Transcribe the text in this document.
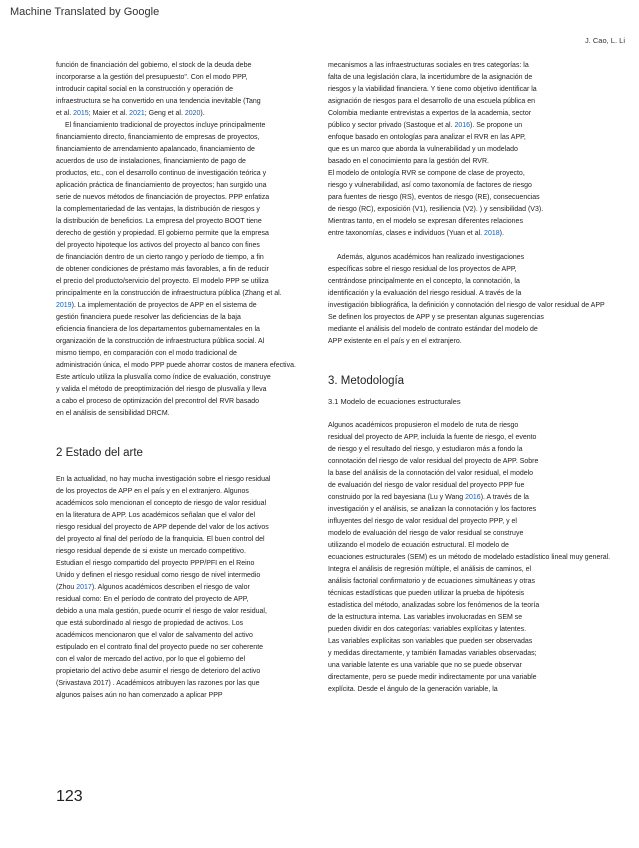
Machine Translated by Google
J. Cao, L. Li
función de financiación del gobierno, el stock de la deuda debe
incorporarse a la gestión del presupuesto". Con el modo PPP,
introducir capital social en la construcción y operación de
infraestructura se ha convertido en una tendencia inevitable (Tang
et al. 2015; Maier et al. 2021; Geng et al. 2020).
El financiamiento tradicional de proyectos incluye principalmente
financiamiento directo, financiamiento de empresas de proyectos,
financiamiento de arrendamiento apalancado, financiamiento de
acuerdos de uso de instalaciones, financiamiento de pago de
productos, etc., con el desarrollo continuo de investigación teórica y
aplicación práctica de financiamiento de proyectos; han surgido una
serie de nuevos métodos de financiación de proyectos. PPP enfatiza
la complementariedad de las ventajas, la distribución de riesgos y
la distribución de beneficios. La empresa del proyecto BOOT tiene
derecho de gestión y propiedad. El gobierno permite que la empresa
del proyecto hipoteque los activos del proyecto al banco con fines
de financiación dentro de un cierto rango y período de tiempo, a fin
de obtener condiciones de préstamo más favorables, a fin de reducir
el precio del producto/servicio del proyecto. El modelo PPP se utiliza
principalmente en la construcción de infraestructura pública (Zhang et al.
2019). La implementación de proyectos de APP en el sistema de
gestión financiera puede resolver las deficiencias de la baja
eficiencia financiera de los departamentos gubernamentales en la
organización de la construcción de infraestructura pública social. Al
mismo tiempo, en comparación con el modo tradicional de
administración única, el modo PPP puede ahorrar costos de manera efectiva.
Este artículo utiliza la plusvalía como índice de evaluación, construye
y valida el método de preoptimización del riesgo de plusvalía y lleva
a cabo el proceso de optimización del precontrol del RVR basado
en el análisis de sensibilidad DRCM.
2 Estado del arte
En la actualidad, no hay mucha investigación sobre el riesgo residual
de los proyectos de APP en el país y en el extranjero. Algunos
académicos solo mencionan el concepto de riesgo de valor residual
en la literatura de APP. Los académicos señalan que el valor del
riesgo residual del proyecto de APP depende del valor de los activos
del proyecto al final del período de la franquicia. El buen control del
riesgo residual depende de si existe un mercado competitivo.
Estudian el riesgo compartido del proyecto PPP/PFI en el Reino
Unido y definen el riesgo residual como riesgo de nivel intermedio
(Zhou 2017). Algunos académicos describen el riesgo de valor
residual como: En el período de contrato del proyecto de APP,
debido a una mala gestión, puede ocurrir el riesgo de valor residual,
que está subordinado al riesgo de propiedad de activos. Los
académicos mencionaron que el valor de salvamento del activo
estipulado en el contrato final del proyecto puede no ser coherente
con el valor de mercado del activo, por lo que el gobierno del
propietario del activo debe asumir el riesgo de deterioro del activo
(Srivastava 2017) . Académicos atribuyen las razones por las que
algunos países aún no han comenzado a aplicar PPP
mecanismos a las infraestructuras sociales en tres categorías: la
falta de una legislación clara, la incertidumbre de la asignación de
riesgos y la viabilidad financiera. Y tiene como objetivo identificar la
asignación de riesgos para el desarrollo de una escuela pública en
Colombia mediante entrevistas a expertos de la academia, sector
público y sector privado (Sastoque et al. 2016). Se propone un
enfoque basado en ontologías para analizar el RVR en las APP,
que es un marco que aborda la vulnerabilidad y un modelado
basado en el conocimiento para la gestión del RVR.
El modelo de ontología RVR se compone de clase de proyecto,
riesgo y vulnerabilidad, así como taxonomía de factores de riesgo
para fuentes de riesgo (RS), eventos de riesgo (RE), consecuencias
de riesgo (RC), exposición (V1), resiliencia (V2). ) y sensibilidad (V3).
Mientras tanto, en el modelo se expresan diferentes relaciones
entre taxonomías, clases e individuos (Yuan et al. 2018).
Además, algunos académicos han realizado investigaciones
específicas sobre el riesgo residual de los proyectos de APP,
centrándose principalmente en el concepto, la connotación, la
identificación y la evaluación del riesgo residual. A través de la
investigación bibliográfica, la definición y connotación del riesgo de valor residual de APP
Se definen los proyectos de APP y se presentan algunas sugerencias
mediante el análisis del modelo de contrato estándar del modelo de
APP existente en el país y en el extranjero.
3. Metodología
3.1 Modelo de ecuaciones estructurales
Algunos académicos propusieron el modelo de ruta de riesgo
residual del proyecto de APP, incluida la fuente de riesgo, el evento
de riesgo y el resultado del riesgo, y estudiaron más a fondo la
connotación del riesgo de valor residual del proyecto de APP. Sobre
la base del análisis de la connotación del valor residual, el modelo
de evaluación del riesgo de valor residual del proyecto PPP fue
construido por la red bayesiana (Lu y Wang 2016). A través de la
investigación y el análisis, se analizan la connotación y los factores
influyentes del riesgo de valor residual del proyecto PPP, y el
modelo de evaluación del riesgo de valor residual se construye
utilizando el modelo de ecuación estructural. El modelo de
ecuaciones estructurales (SEM) es un método de modelado estadístico lineal muy general.
Integra el análisis de regresión múltiple, el análisis de caminos, el
análisis factorial confirmatorio y de ecuaciones simultáneas y otras
técnicas estadísticas que pueden utilizar la prueba de hipótesis
estadística del método, analizadas sobre los fenómenos de la teoría
de la estructura interna. Las variables involucradas en SEM se
pueden dividir en dos categorías: variables explícitas y latentes.
Las variables explícitas son variables que pueden ser observadas
y medidas directamente, y también llamadas variables observadas;
una variable latente es una variable que no se puede observar
directamente, pero se puede medir indirectamente por una variable
explícita. Desde el ángulo de la generación variable, la
123
